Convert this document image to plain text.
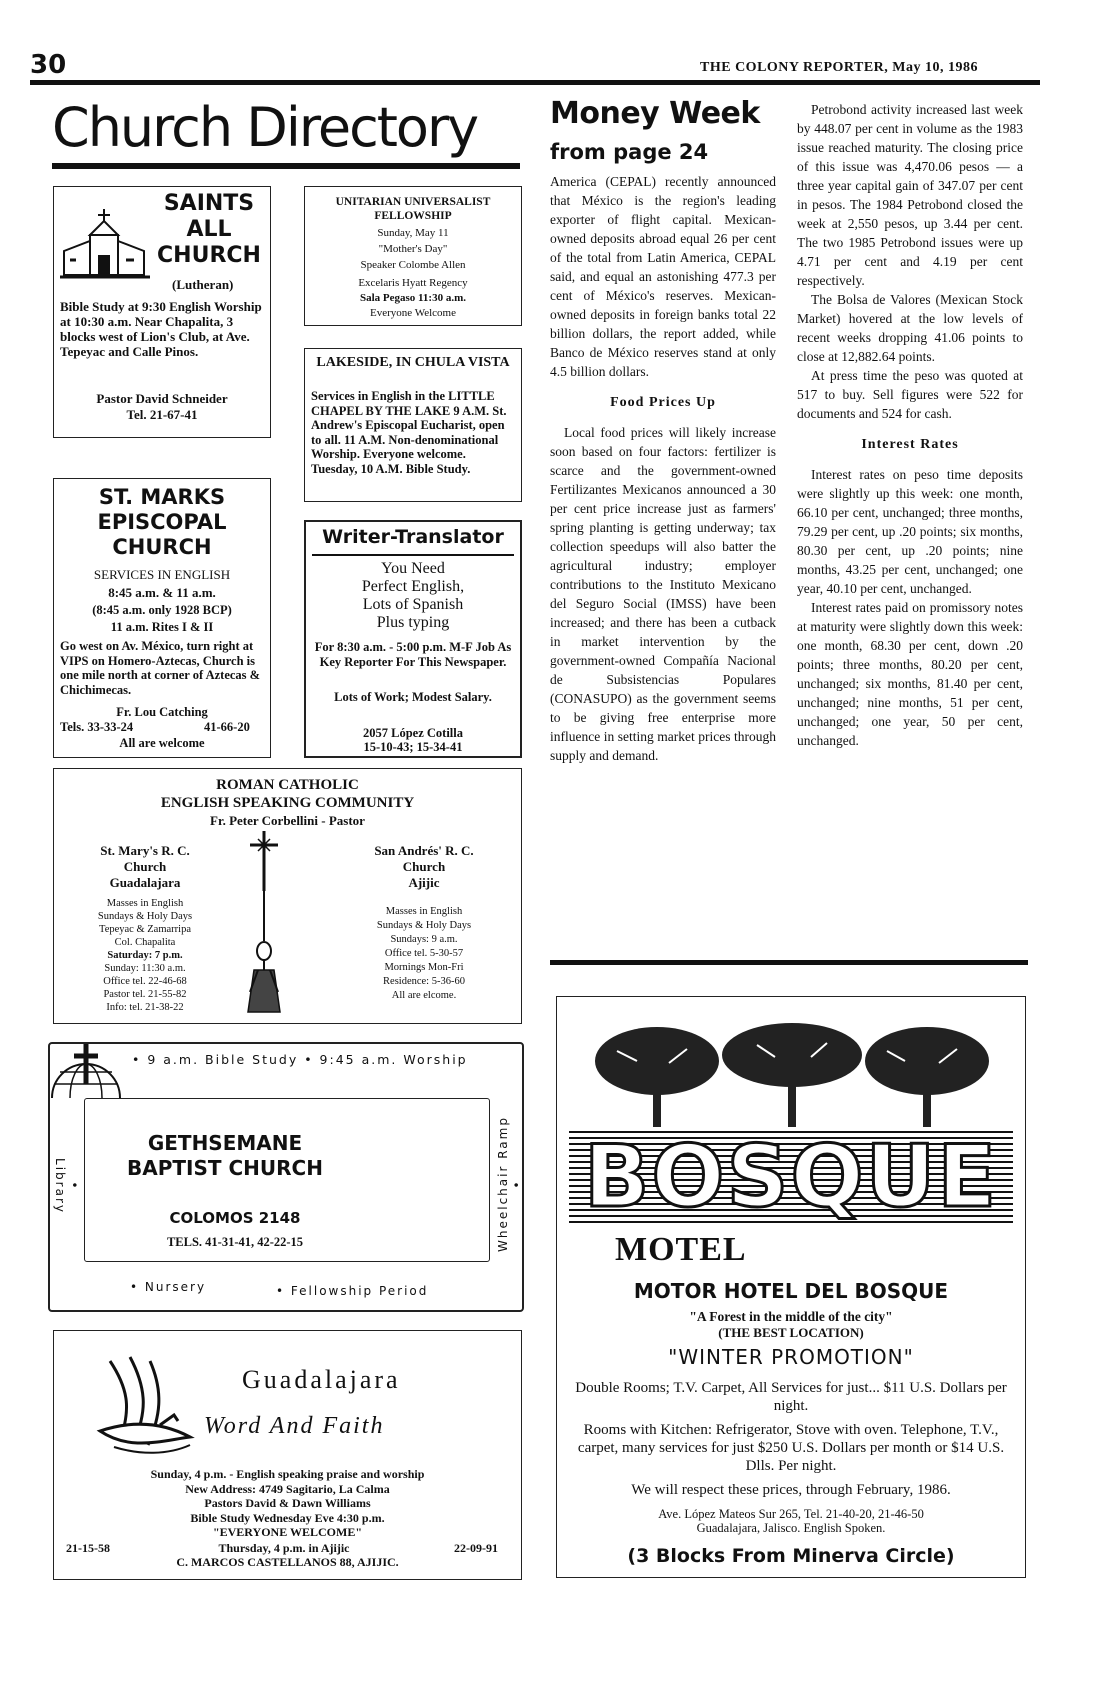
30	THE COLONY REPORTER, May 10, 1986
Church Directory
SAINTS
ALL
CHURCH
(Lutheran)

Bible Study at 9:30 English Worship at 10:30 a.m. Near Chapalita, 3 blocks west of Lion's Club, at Ave. Tepeyac and Calle Pinos.

Pastor David Schneider
Tel. 21-67-41
UNITARIAN UNIVERSALIST FELLOWSHIP
Sunday, May 11
"Mother's Day"
Speaker Colombe Allen
Excelaris Hyatt Regency
Sala Pegaso 11:30 a.m.
Everyone Welcome
LAKESIDE, IN CHULA VISTA

Services in English in the LITTLE CHAPEL BY THE LAKE 9 A.M. St. Andrew's Episcopal Eucharist, open to all. 11 A.M. Non-denominational Worship. Everyone welcome. Tuesday, 10 A.M. Bible Study.

ST. MARKS
EPISCOPAL
CHURCH
SERVICES IN ENGLISH
8:45 a.m. & 11 a.m.
(8:45 a.m. only 1928 BCP)
11 a.m. Rites I & II

Go west on Av. México, turn right at VIPS on Homero-Aztecas, Church is one mile north at corner of Aztecas & Chichimecas.

Fr. Lou Catching
Tels. 33-33-24	41-66-20
All are welcome
Writer-Translator
You Need
Perfect English,
Lots of Spanish
Plus typing

For 8:30 a.m. - 5:00 p.m. M-F Job As Key Reporter For This Newspaper.

Lots of Work; Modest Salary.

2057 López Cotilla
15-10-43; 15-34-41
ROMAN CATHOLIC
ENGLISH SPEAKING COMMUNITY
Fr. Peter Corbellini - Pastor
St. Mary's R. C.
Church
Guadalajara
Masses in English
Sundays & Holy Days
Tepeyac & Zamarripa
Col. Chapalita
Saturday: 7 p.m.
Sunday: 11:30 a.m.
Office tel. 22-46-68
Pastor tel. 21-55-82
Info: tel. 21-38-22
San Andrés' R. C.
Church
Ajijic
Masses in English
Sundays & Holy Days
Sundays: 9 a.m.
Office tel. 5-30-57
Mornings Mon-Fri
Residence: 5-36-60
All are elcome.
• 9 a.m. Bible Study • 9:45 a.m. Worship
GETHSEMANE
BAPTIST CHURCH
COLOMOS 2148
TELS. 41-31-41, 42-22-15
• Library	Wheelchair Ramp •
• Nursery	• Fellowship Period
Guadalajara
Word And Faith
Sunday, 4 p.m. - English speaking praise and worship
New Address: 4749 Sagitario, La Calma
Pastors David & Dawn Williams
Bible Study Wednesday Eve 4:30 p.m.
"EVERYONE WELCOME"
21-15-58	Thursday, 4 p.m. in Ajijic	22-09-91
C. MARCOS CASTELLANOS 88, AJIJIC.
Money Week
from page 24

America (CEPAL) recently announced that México is the region's leading exporter of flight capital. Mexican-owned deposits abroad equal 26 per cent of the total from Latin America, CEPAL said, and equal an astonishing 477.3 per cent of México's reserves. Mexican-owned deposits in foreign banks total 22 billion dollars, the report added, while Banco de México reserves stand at only 4.5 billion dollars.

Food Prices Up

Local food prices will likely increase soon based on four factors: fertilizer is scarce and the government-owned Fertilizantes Mexicanos announced a 30 per cent price increase just as farmers' spring planting is getting underway; tax collection speedups will also batter the agricultural industry; employer contributions to the Instituto Mexicano del Seguro Social (IMSS) have been increased; and there has been a cutback in market intervention by the government-owned Compañía Nacional de Subsistencias Populares (CONASUPO) as the government seems to be giving free enterprise more influence in setting market prices through supply and demand.

Petrobond activity increased last week by 448.07 per cent in volume as the 1983 issue reached maturity. The closing price of this issue was 4,470.06 pesos — a three year capital gain of 347.07 per cent in pesos. The 1984 Petrobond closed the week at 2,550 pesos, up 3.44 per cent. The two 1985 Petrobond issues were up 4.71 per cent and 4.19 per cent respectively.

The Bolsa de Valores (Mexican Stock Market) hovered at the low levels of recent weeks dropping 41.06 points to close at 12,882.64 points.

At press time the peso was quoted at 517 to buy. Sell figures were 522 for documents and 524 for cash.

Interest Rates

Interest rates on peso time deposits were slightly up this week: one month, 66.10 per cent, unchanged; three months, 79.29 per cent, up .20 points; six months, 80.30 per cent, up .20 points; nine months, 43.25 per cent, unchanged; one year, 40.10 per cent, unchanged.

Interest rates paid on promissory notes at maturity were slightly down this week: one month, 68.30 per cent, down .20 points; three months, 80.20 per cent, unchanged; six months, 81.40 per cent, unchanged; nine months, 51 per cent, unchanged; one year, 50 per cent, unchanged.

BOSQUE
MOTEL
MOTOR HOTEL DEL BOSQUE
"A Forest in the middle of the city"
(THE BEST LOCATION)
"WINTER PROMOTION"

Double Rooms; T.V. Carpet, All Services for just... $11 U.S. Dollars per night.

Rooms with Kitchen: Refrigerator, Stove with oven. Telephone, T.V., carpet, many services for just $250 U.S. Dollars per month or $14 U.S. Dlls. Per night.

We will respect these prices, through February, 1986.

Ave. López Mateos Sur 265, Tel. 21-40-20, 21-46-50
Guadalajara, Jalisco. English Spoken.
(3 Blocks From Minerva Circle)
